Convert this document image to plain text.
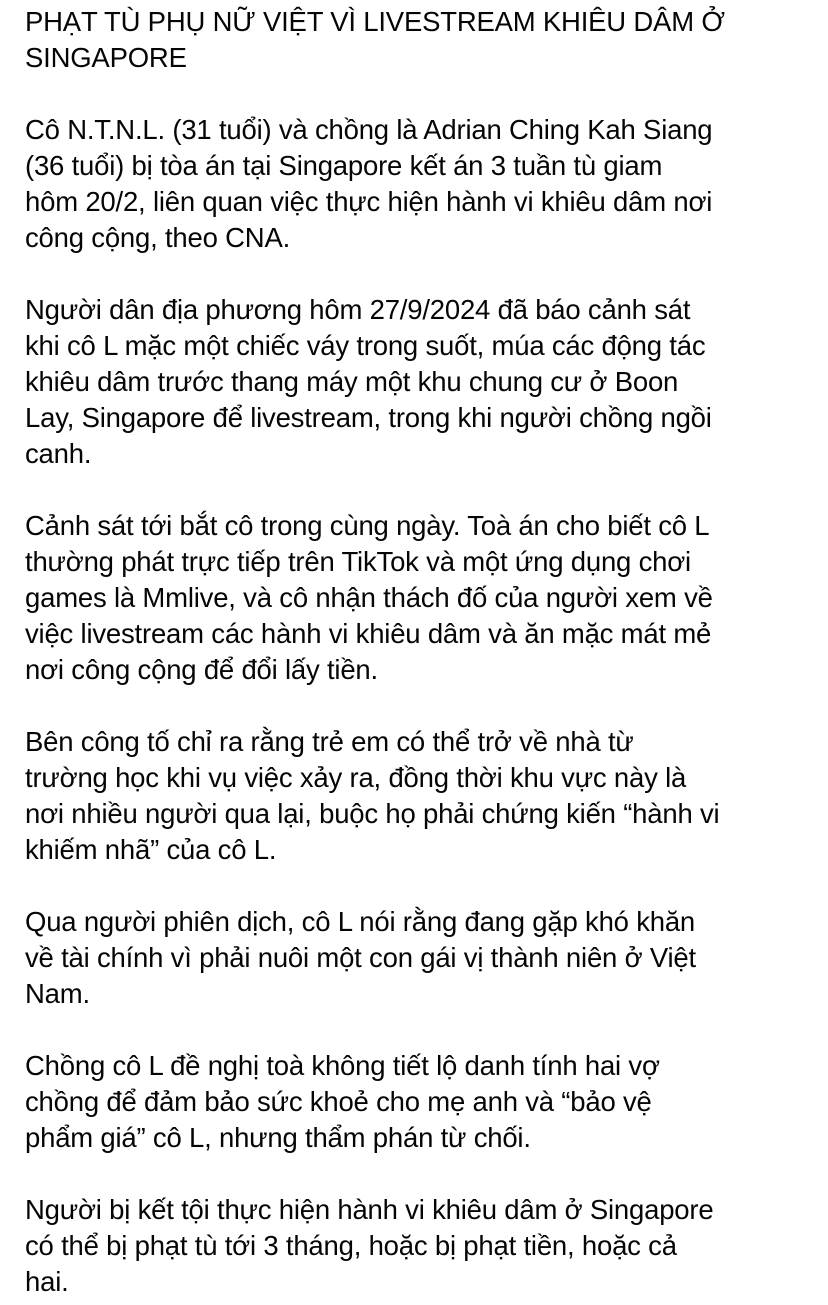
PHẠT TÙ PHỤ NỮ VIỆT VÌ LIVESTREAM KHIÊU DÂM Ở
SINGAPORE
Cô N.T.N.L. (31 tuổi) và chồng là Adrian Ching Kah Siang
(36 tuổi) bị tòa án tại Singapore kết án 3 tuần tù giam
hôm 20/2, liên quan việc thực hiện hành vi khiêu dâm nơi
công cộng, theo CNA.
Người dân địa phương hôm 27/9/2024 đã báo cảnh sát
khi cô L mặc một chiếc váy trong suốt, múa các động tác
khiêu dâm trước thang máy một khu chung cư ở Boon
Lay, Singapore để livestream, trong khi người chồng ngồi
canh.
Cảnh sát tới bắt cô trong cùng ngày. Toà án cho biết cô L
thường phát trực tiếp trên TikTok và một ứng dụng chơi
games là Mmlive, và cô nhận thách đố của người xem về
việc livestream các hành vi khiêu dâm và ăn mặc mát mẻ
nơi công cộng để đổi lấy tiền.
Bên công tố chỉ ra rằng trẻ em có thể trở về nhà từ
trường học khi vụ việc xảy ra, đồng thời khu vực này là
nơi nhiều người qua lại, buộc họ phải chứng kiến “hành vi
khiếm nhã” của cô L.
Qua người phiên dịch, cô L nói rằng đang gặp khó khăn
về tài chính vì phải nuôi một con gái vị thành niên ở Việt
Nam.
Chồng cô L đề nghị toà không tiết lộ danh tính hai vợ
chồng để đảm bảo sức khoẻ cho mẹ anh và “bảo vệ
phẩm giá” cô L, nhưng thẩm phán từ chối.
Người bị kết tội thực hiện hành vi khiêu dâm ở Singapore
có thể bị phạt tù tới 3 tháng, hoặc bị phạt tiền, hoặc cả
hai.
